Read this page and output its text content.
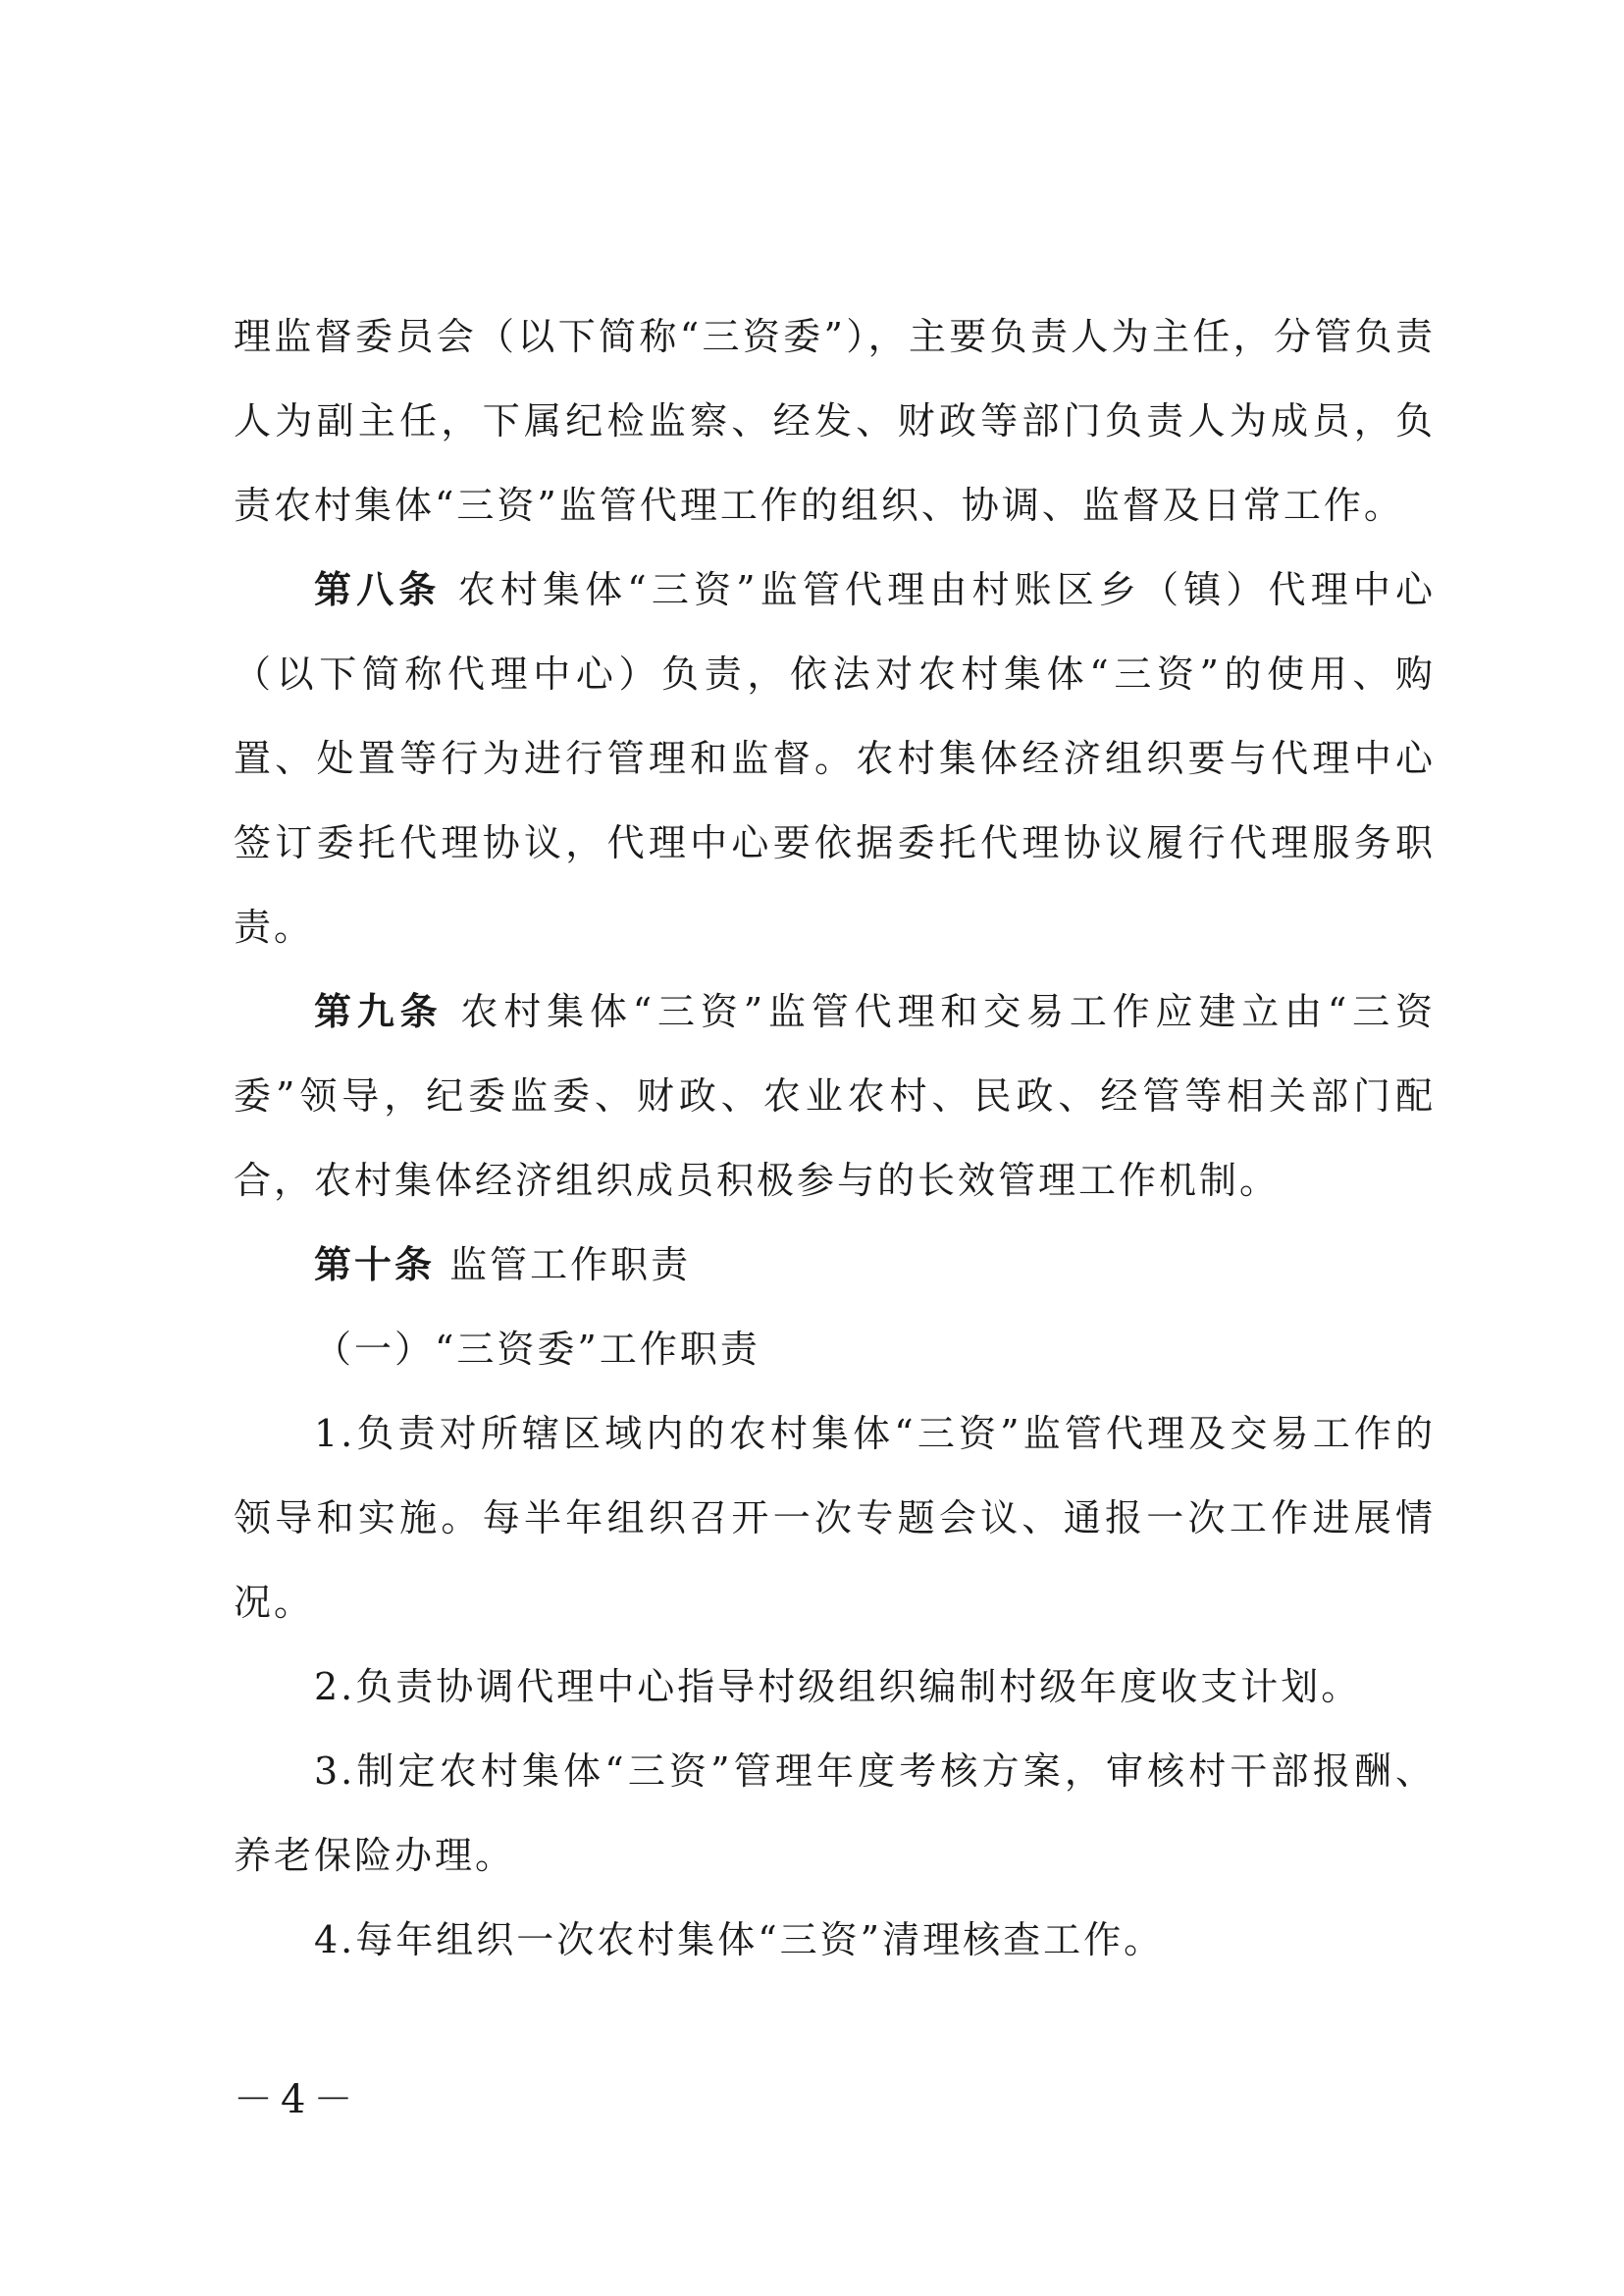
理监督委员会（以下简称“三资委”），主要负责人为主任，分管负责人为副主任，下属纪检监察、经发、财政等部门负责人为成员，负责农村集体“三资”监管代理工作的组织、协调、监督及日常工作。

第八条 农村集体“三资”监管代理由村账区乡（镇）代理中心（以下简称代理中心）负责，依法对农村集体“三资”的使用、购置、处置等行为进行管理和监督。农村集体经济组织要与代理中心签订委托代理协议，代理中心要依据委托代理协议履行代理服务职责。

第九条 农村集体“三资”监管代理和交易工作应建立由“三资委”领导，纪委监委、财政、农业农村、民政、经管等相关部门配合，农村集体经济组织成员积极参与的长效管理工作机制。

第十条 监管工作职责

（一）“三资委”工作职责

1.负责对所辖区域内的农村集体“三资”监管代理及交易工作的领导和实施。每半年组织召开一次专题会议、通报一次工作进展情况。

2.负责协调代理中心指导村级组织编制村级年度收支计划。

3.制定农村集体“三资”管理年度考核方案，审核村干部报酬、养老保险办理。

4.每年组织一次农村集体“三资”清理核查工作。

－4－
